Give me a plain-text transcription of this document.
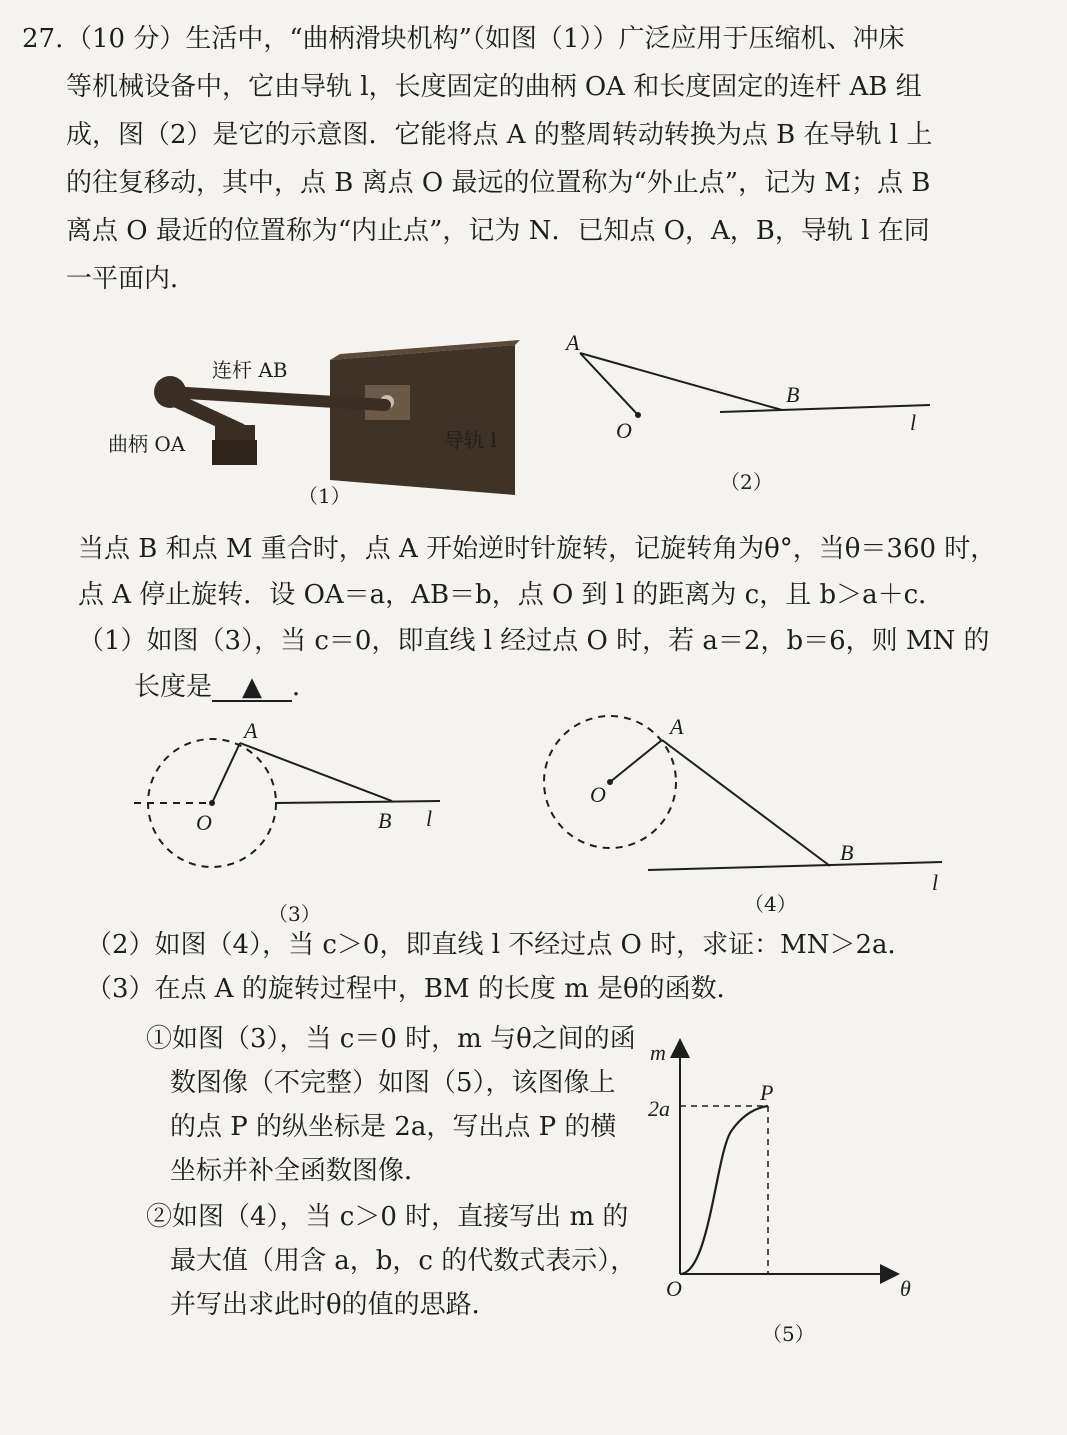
27. （10 分）生活中，“曲柄滑块机构”（如图（1））广泛应用于压缩机、冲床
等机械设备中，它由导轨 l，长度固定的曲柄 OA 和长度固定的连杆 AB 组
成，图（2）是它的示意图．它能将点 A 的整周转动转换为点 B 在导轨 l 上
的往复移动，其中，点 B 离点 O 最远的位置称为“外止点”，记为 M；点 B
离点 O 最近的位置称为“内止点”，记为 N．已知点 O，A，B，导轨 l 在同
一平面内．
连杆 AB
曲柄 OA	导轨 l
（1）
A
B
O	l
（2）
当点 B 和点 M 重合时，点 A 开始逆时针旋转，记旋转角为θ°，当θ＝360 时，
点 A 停止旋转．设 OA＝a，AB＝b，点 O 到 l 的距离为 c，且 b＞a＋c．
（1）如图（3），当 c＝0，即直线 l 经过点 O 时，若 a＝2，b＝6，则 MN 的
长度是 ▲ ．
A
O	B l
（3）
A
O
B
l
（4）
（2）如图（4），当 c＞0，即直线 l 不经过点 O 时，求证：MN＞2a．
（3）在点 A 的旋转过程中，BM 的长度 m 是θ的函数．
①如图（3），当 c＝0 时，m 与θ之间的函
数图像（不完整）如图（5），该图像上
的点 P 的纵坐标是 2a，写出点 P 的横
坐标并补全函数图像．
②如图（4），当 c＞0 时，直接写出 m 的
最大值（用含 a，b，c 的代数式表示），
并写出求此时θ的值的思路．
m
2a
P
O	θ
（5）
